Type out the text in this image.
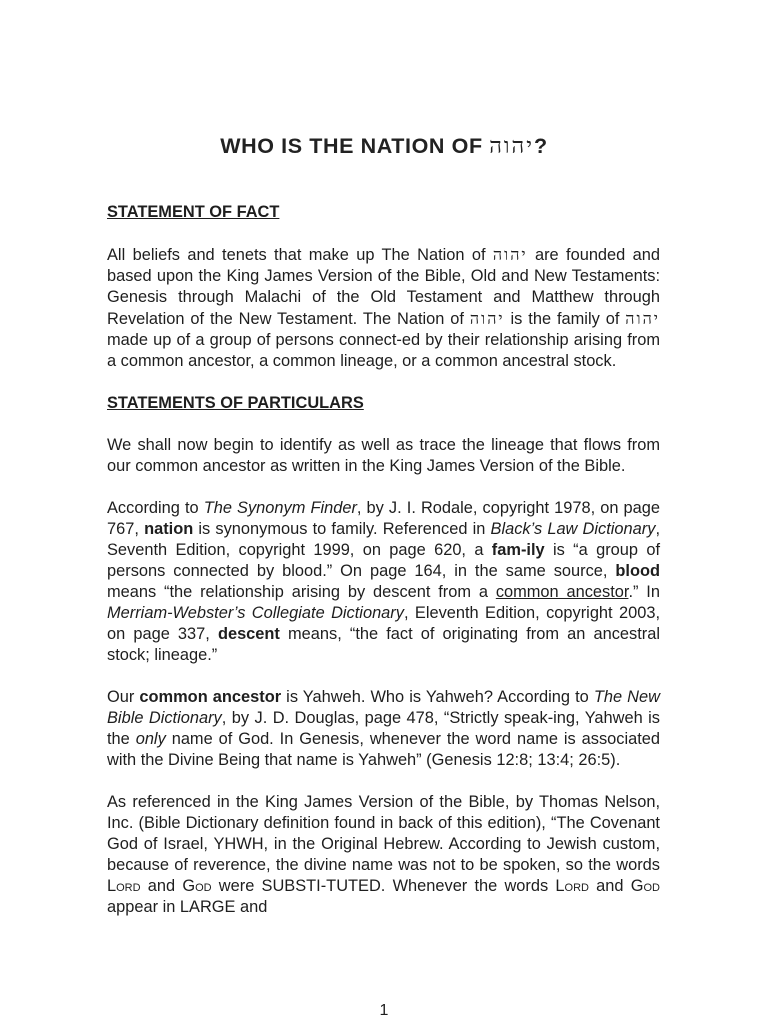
WHO IS THE NATION OF יהוה?

STATEMENT OF FACT

All beliefs and tenets that make up The Nation of יהוה are founded and based upon the King James Version of the Bible, Old and New Testaments: Genesis through Malachi of the Old Testament and Matthew through Revelation of the New Testament. The Nation of יהוה is the family of יהוה made up of a group of persons connect-ed by their relationship arising from a common ancestor, a common lineage, or a common ancestral stock.

STATEMENTS OF PARTICULARS

We shall now begin to identify as well as trace the lineage that flows from our common ancestor as written in the King James Version of the Bible.

According to The Synonym Finder, by J. I. Rodale, copyright 1978, on page 767, nation is synonymous to family. Referenced in Black’s Law Dictionary, Seventh Edition, copyright 1999, on page 620, a fam-ily is “a group of persons connected by blood.” On page 164, in the same source, blood means “the relationship arising by descent from a common ancestor.” In Merriam-Webster’s Collegiate Dictionary, Eleventh Edition, copyright 2003, on page 337, descent means, “the fact of originating from an ancestral stock; lineage.”

Our common ancestor is Yahweh. Who is Yahweh? According to The New Bible Dictionary, by J. D. Douglas, page 478, “Strictly speak-ing, Yahweh is the only name of God. In Genesis, whenever the word name is associated with the Divine Being that name is Yahweh” (Genesis 12:8; 13:4; 26:5).

As referenced in the King James Version of the Bible, by Thomas Nelson, Inc. (Bible Dictionary definition found in back of this edition), “The Covenant God of Israel, YHWH, in the Original Hebrew. According to Jewish custom, because of reverence, the divine name was not to be spoken, so the words Lord and God were SUBSTI-TUTED. Whenever the words Lord and God appear in LARGE and

1
